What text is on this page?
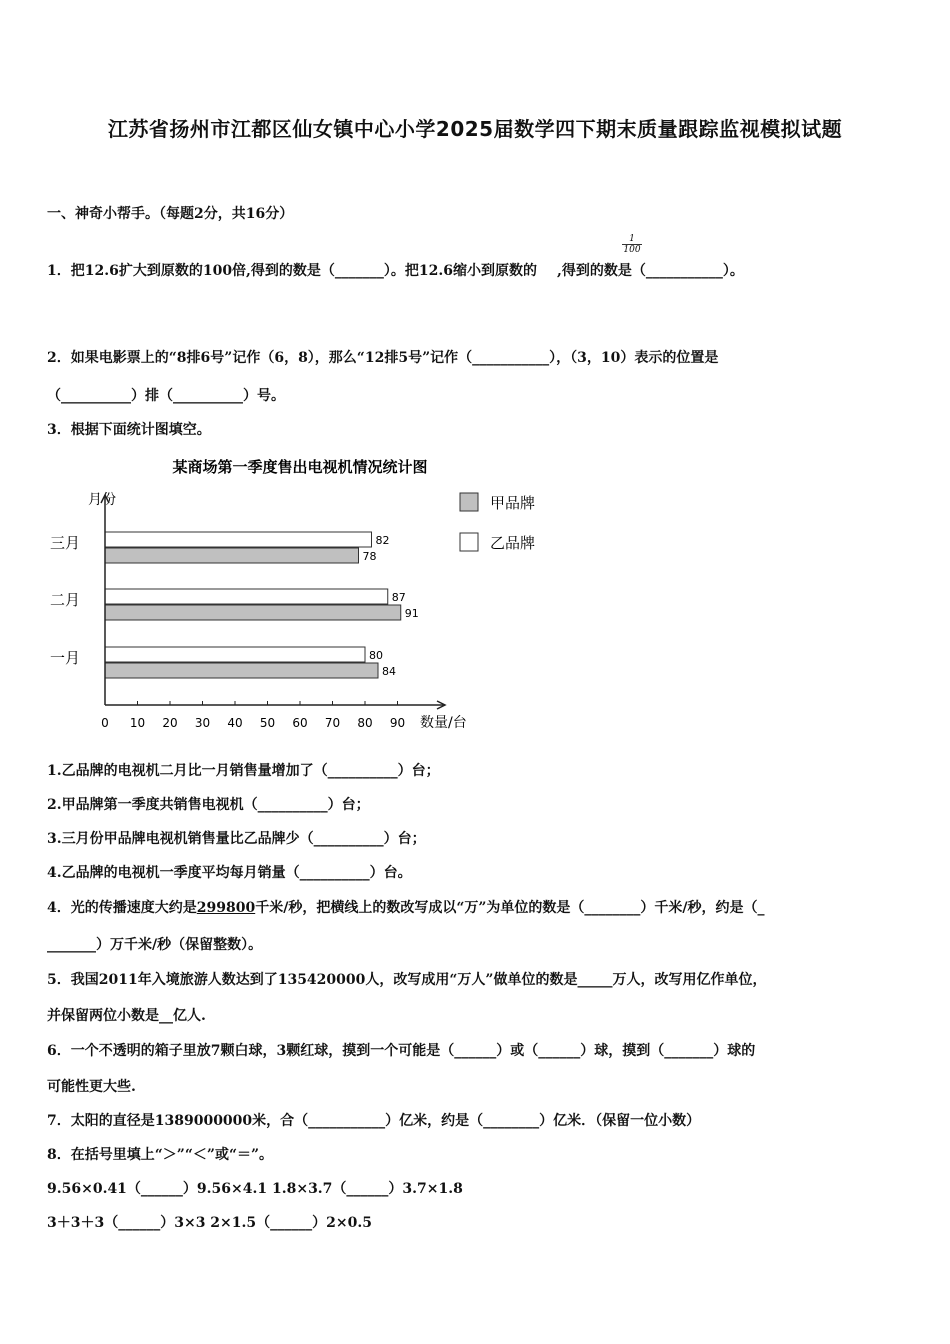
江苏省扬州市江都区仙女镇中心小学2025届数学四下期末质量跟踪监视模拟试题
一、神奇小帮手。（每题2分，共16分）
1．把12.6扩大到原数的100倍,得到的数是（_______）。把12.6缩小到原数的 ,得到的数是（___________）。
$\frac{1}{100}$
2．如果电影票上的“8排6号”记作（6，8），那么“12排5号”记作（___________），（3，10）表示的位置是
（__________）排（__________）号。
3．根据下面统计图填空。
某商场第一季度售出电视机情况统计图
月份
数量/台
甲品牌
乙品牌
82
78
87
91
80
84
0 10 20 30 40 50 60 70 80 90
三月
二月
一月
1.乙品牌的电视机二月比一月销售量增加了（__________）台；
2.甲品牌第一季度共销售电视机（__________）台；
3.三月份甲品牌电视机销售量比乙品牌少（__________）台；
4.乙品牌的电视机一季度平均每月销量（__________）台。
4．光的传播速度大约是299800千米/秒，把横线上的数改写成以“万”为单位的数是（________）千米/秒，约是（_
_______）万千米/秒（保留整数）。
5．我国2011年入境旅游人数达到了135420000人，改写成用“万人”做单位的数是_____万人，改写用亿作单位，
并保留两位小数是__亿人.
6．一个不透明的箱子里放7颗白球，3颗红球，摸到一个可能是（______）或（______）球，摸到（_______）球的
可能性更大些.
7．太阳的直径是1389000000米，合（___________）亿米，约是（________）亿米．（保留一位小数）
8．在括号里填上“＞”“＜”或“＝”。
9.56×0.41（______）9.56×4.1 1.8×3.7（______）3.7×1.8
3＋3＋3（______）3×3 2×1.5（______）2×0.5
